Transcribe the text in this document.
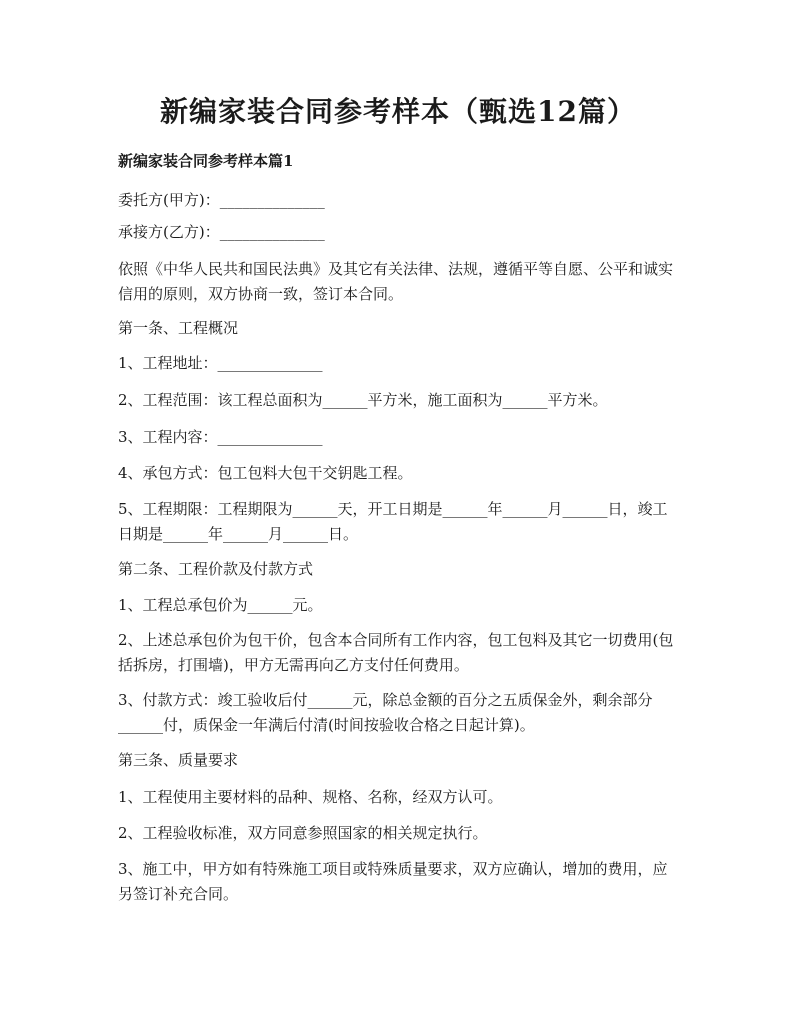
新编家装合同参考样本（甄选12篇）
新编家装合同参考样本篇1
委托方(甲方)：______________
承接方(乙方)：______________
依照《中华人民共和国民法典》及其它有关法律、法规，遵循平等自愿、公平和诚实信用的原则，双方协商一致，签订本合同。
第一条、工程概况
1、工程地址：______________
2、工程范围：该工程总面积为______平方米，施工面积为______平方米。
3、工程内容：______________
4、承包方式：包工包料大包干交钥匙工程。
5、工程期限：工程期限为______天，开工日期是______年______月______日，竣工日期是______年______月______日。
第二条、工程价款及付款方式
1、工程总承包价为______元。
2、上述总承包价为包干价，包含本合同所有工作内容，包工包料及其它一切费用(包括拆房，打围墙)，甲方无需再向乙方支付任何费用。
3、付款方式：竣工验收后付______元，除总金额的百分之五质保金外，剩余部分______付，质保金一年满后付清(时间按验收合格之日起计算)。
第三条、质量要求
1、工程使用主要材料的品种、规格、名称，经双方认可。
2、工程验收标准，双方同意参照国家的相关规定执行。
3、施工中，甲方如有特殊施工项目或特殊质量要求，双方应确认，增加的费用，应另签订补充合同。
